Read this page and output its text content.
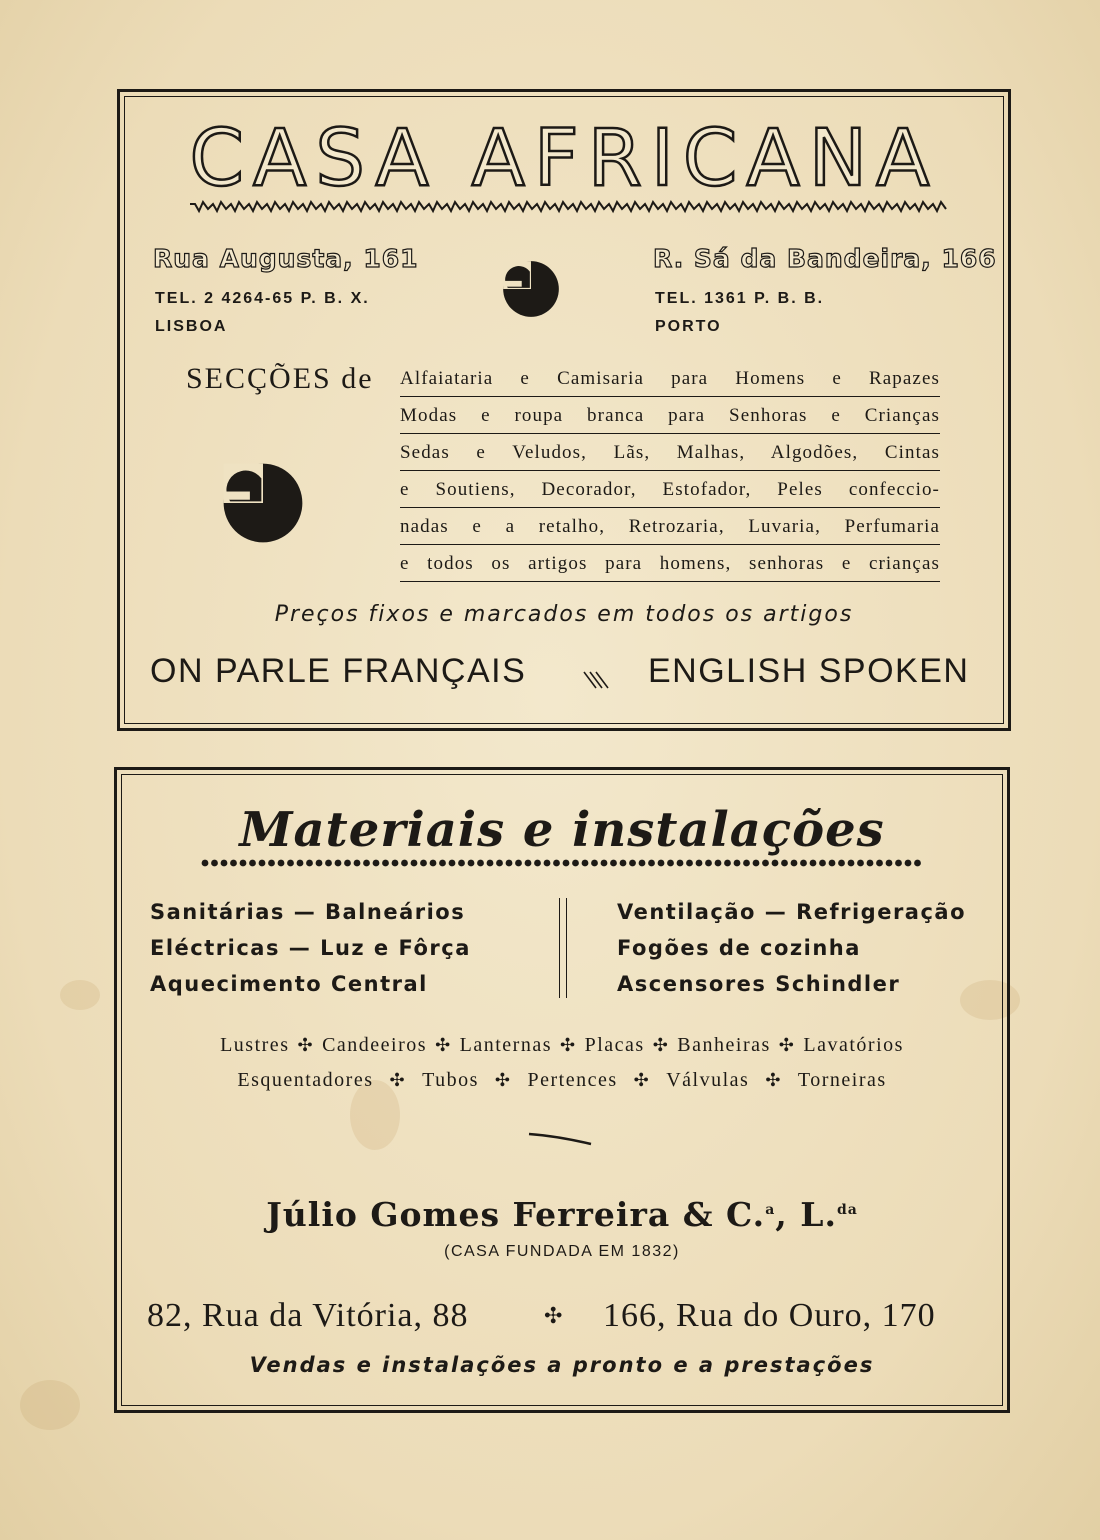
CASA AFRICANA
Rua Augusta, 161
TEL. 2 4264-65 P. B. X.
LISBOA
R. Sá da Bandeira, 166
TEL. 1361 P. B. B.
PORTO
SECÇÕES de Alfaiataria e Camisaria para Homens e Rapazes
Modas e roupa branca para Senhoras e Crianças
Sedas e Veludos, Lãs, Malhas, Algodões, Cintas
e Soutiens, Decorador, Estofador, Peles confeccio-
nadas e a retalho, Retrozaria, Luvaria, Perfumaria
e todos os artigos para homens, senhoras e crianças
Preços fixos e marcados em todos os artigos
ON PARLE FRANÇAIS	ENGLISH SPOKEN
Materiais e instalações
Sanitárias — Balneários
Eléctricas — Luz e Fôrça
Aquecimento Central
Ventilação — Refrigeração
Fogões de cozinha
Ascensores Schindler
Lustres ✣ Candeeiros ✣ Lanternas ✣ Placas ✣ Banheiras ✣ Lavatórios
Esquentadores ✣ Tubos ✣ Pertences ✣ Válvulas ✣ Torneiras
Júlio Gomes Ferreira & C.$^a$, L.$^{da}$
(CASA FUNDADA EM 1832)
82, Rua da Vitória, 88	✣ 166, Rua do Ouro, 170
Vendas e instalações a pronto e a prestações
